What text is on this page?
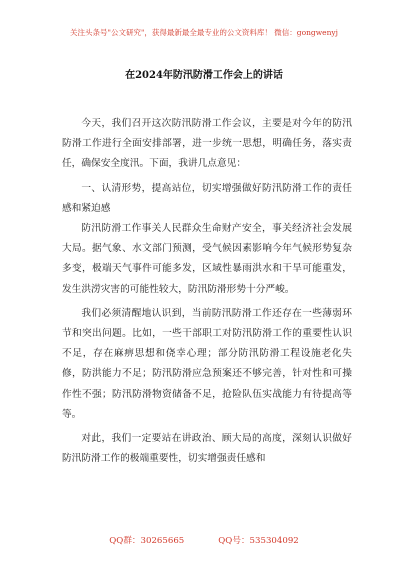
关注头条号"公文研究"，获得最新最全最专业的公文资料库！ 微信：gongwenyj
在2024年防汛防滑工作会上的讲话

今天，我们召开这次防汛防滑工作会议，主要是对今年的防汛防滑工作进行全面安排部署，进一步统一思想，明确任务，落实责任，确保安全度汛。下面，我讲几点意见：

一、认清形势，提高站位，切实增强做好防汛防滑工作的责任感和紧迫感

防汛防滑工作事关人民群众生命财产安全，事关经济社会发展大局。据气象、水文部门预测，受气候因素影响今年气候形势复杂多变，极端天气事件可能多发，区域性暴雨洪水和干旱可能重发，发生洪涝灾害的可能性较大，防汛防滑形势十分严峻。

我们必须清醒地认识到，当前防汛防滑工作还存在一些薄弱环节和突出问题。比如，一些干部职工对防汛防滑工作的重要性认识不足，存在麻痹思想和侥幸心理；部分防汛防滑工程设施老化失修，防洪能力不足；防汛防滑应急预案还不够完善，针对性和可操作性不强；防汛防滑物资储备不足，抢险队伍实战能力有待提高等等。

对此，我们一定要站在讲政治、顾大局的高度，深刻认识做好防汛防滑工作的极端重要性，切实增强责任感和

QQ群：30265665	QQ号：535304092
